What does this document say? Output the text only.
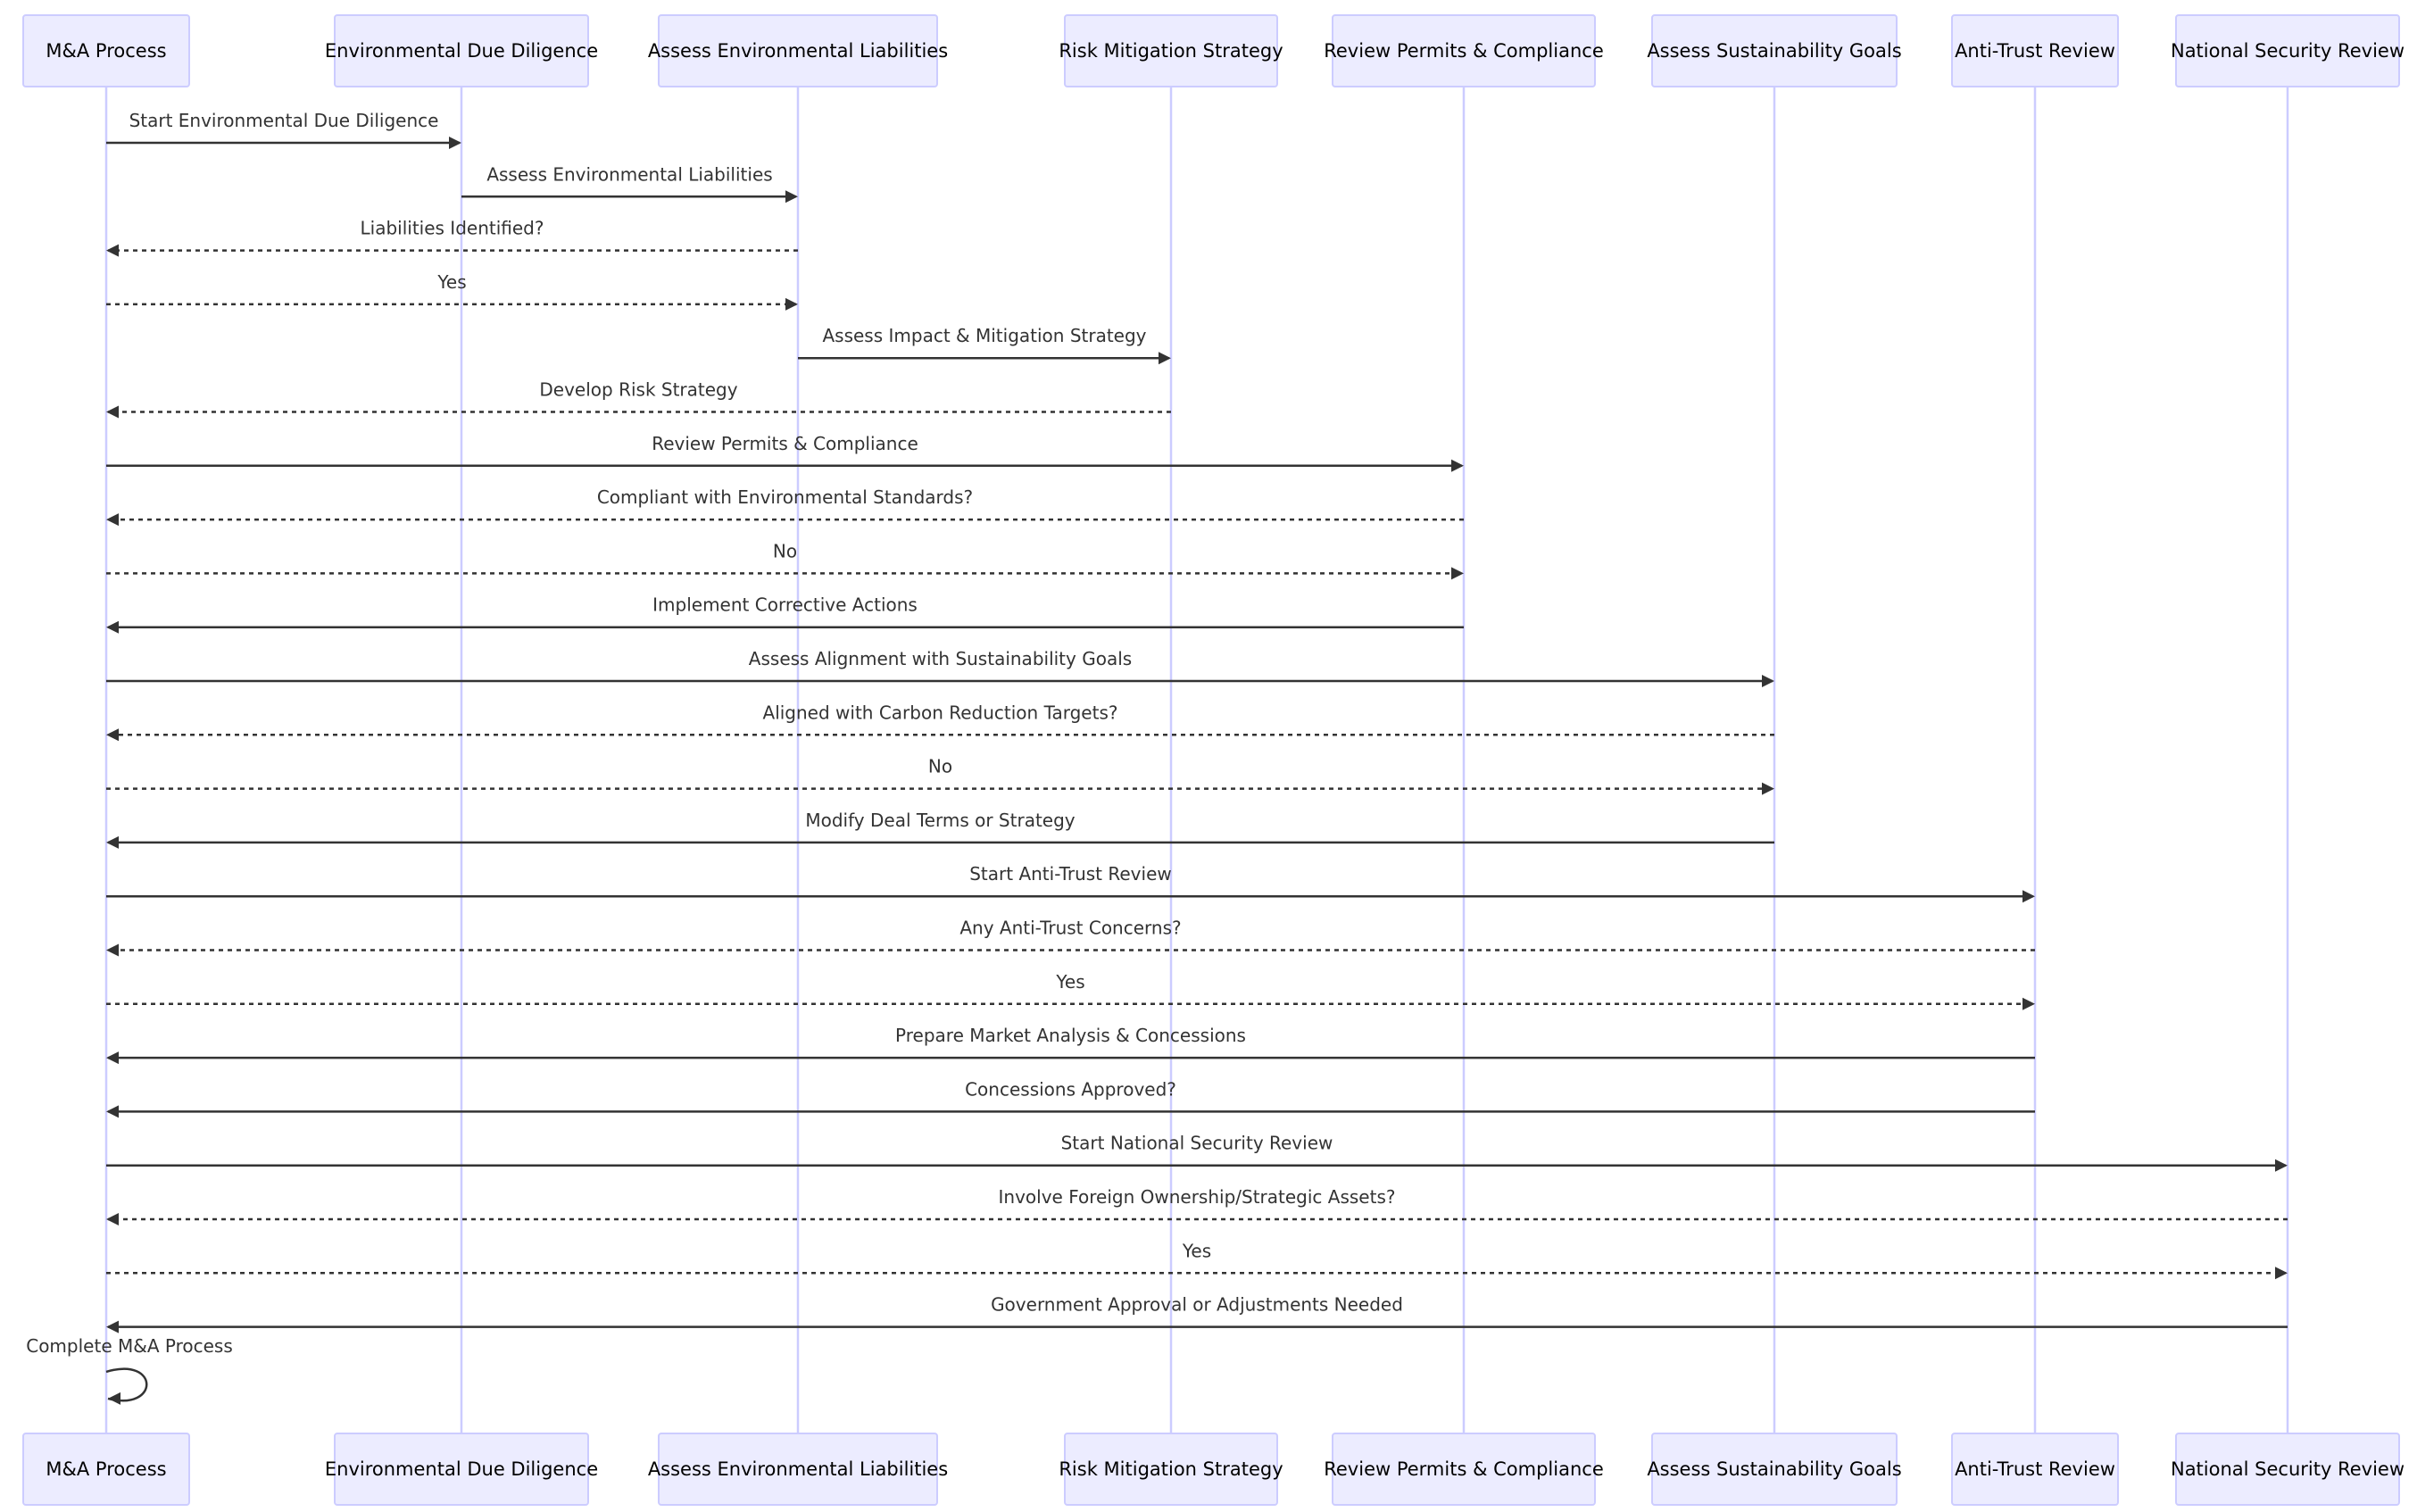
M&A Process	Environmental Due Diligence	Assess Environmental Liabilities	Risk Mitigation Strategy Review Permits & Compliance Assess Sustainability Goals	Anti-Trust Review	National Security Review
M&A Process	Environmental Due Diligence	Assess Environmental Liabilities	Risk Mitigation Strategy Review Permits & Compliance Assess Sustainability Goals	Anti-Trust Review	National Security Review
Start Environmental Due Diligence
Assess Environmental Liabilities
Liabilities Identified?
Yes
Assess Impact & Mitigation Strategy
Develop Risk Strategy
Review Permits & Compliance
Compliant with Environmental Standards?
No
Implement Corrective Actions
Assess Alignment with Sustainability Goals
Aligned with Carbon Reduction Targets?
No
Modify Deal Terms or Strategy
Start Anti-Trust Review
Any Anti-Trust Concerns?
Yes
Prepare Market Analysis & Concessions
Concessions Approved?
Start National Security Review
Involve Foreign Ownership/Strategic Assets?
Yes
Government Approval or Adjustments Needed
Complete M&A Process
